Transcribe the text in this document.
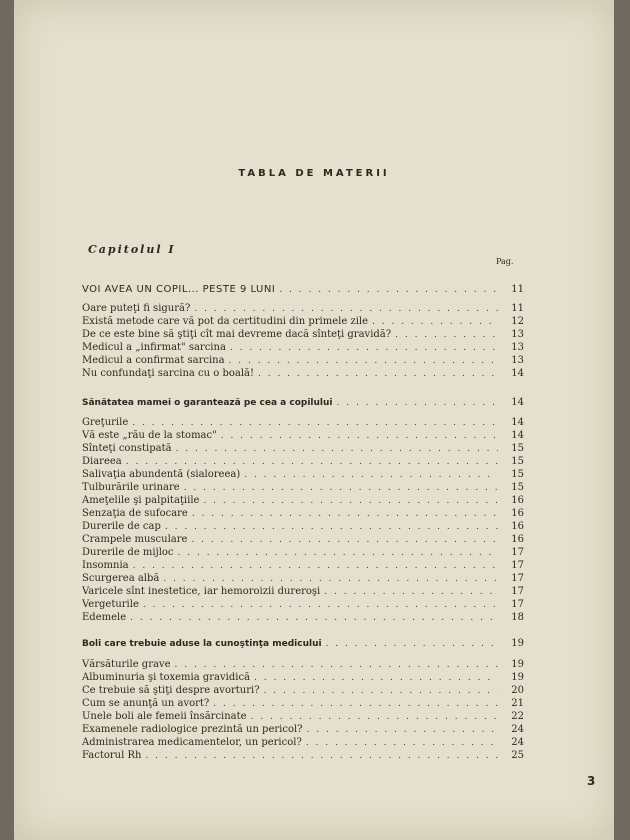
TABLA DE MATERII
Capitolul I
Pag.
VOI AVEA UN COPIL... PESTE 9 LUNI . . .	11
Oare puteţi fi sigură? . . .	11
Există metode care vă pot da certitudini din primele zile . . .	12
De ce este bine să ştiţi cît mai devreme dacă sînteţi gravidă? . . .	13
Medicul a „infirmat" sarcina . . .	13
Medicul a confirmat sarcina . . .	13
Nu confundaţi sarcina cu o boală! . . .	14
Sănătatea mamei o garantează pe cea a copilului . . .	14
Greţurile . . .	14
Vă este „rău de la stomac" . . .	14
Sînteţi constipată . . .	15
Diareea . . .	15
Salivaţia abundentă (sialoreea) . . .	15
Tulburările urinare . . .	15
Ameţelile şi palpitaţiile . . .	16
Senzaţia de sufocare . . .	16
Durerile de cap . . .	16
Crampele musculare . . .	16
Durerile de mijloc . . .	17
Insomnia . . .	17
Scurgerea albă . . .	17
Varicele sînt inestetice, iar hemoroizii dureroşi . . .	17
Vergeturile . . .	17
Edemele . . .	18
Boli care trebuie aduse la cunoştinţa medicului . . .	19
Vărsăturile grave . . .	19
Albuminuria şi toxemia gravidică . . .	19
Ce trebuie să ştiţi despre avorturi? . . .	20
Cum se anunţă un avort? . . .	21
Unele boli ale femeii însărcinate . . .	22
Examenele radiologice prezintă un pericol? . . .	24
Administrarea medicamentelor, un pericol? . . .	24
Factorul Rh . . .	25
3
